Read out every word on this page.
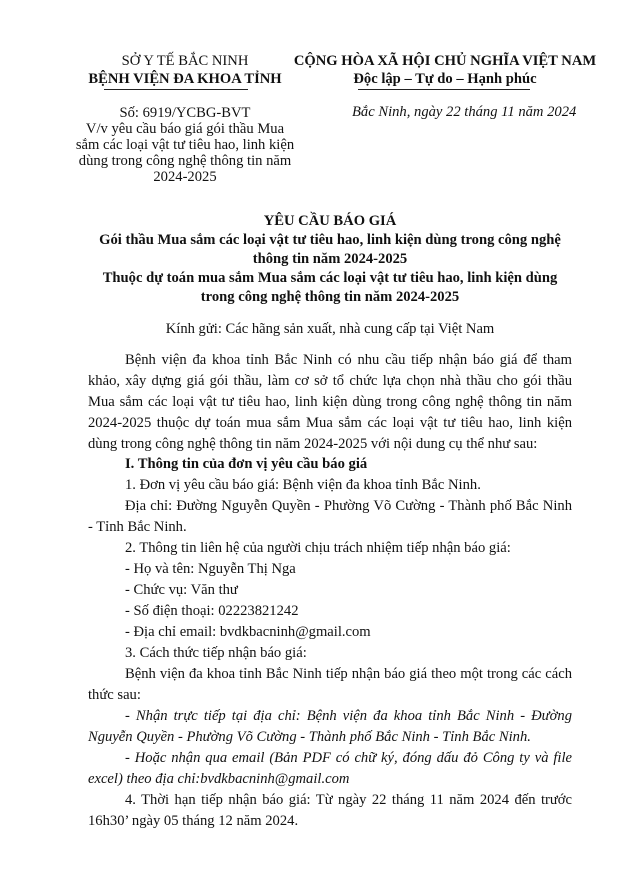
SỞ Y TẾ BẮC NINH
BỆNH VIỆN ĐA KHOA TỈNH
Số: 6919/YCBG-BVT
V/v yêu cầu báo giá gói thầu Mua
sắm các loại vật tư tiêu hao, linh kiện
dùng trong công nghệ thông tin năm
2024-2025
CỘNG HÒA XÃ HỘI CHỦ NGHĨA VIỆT NAM
Độc lập – Tự do – Hạnh phúc
Bắc Ninh, ngày 22 tháng 11 năm 2024
YÊU CẦU BÁO GIÁ
Gói thầu Mua sắm các loại vật tư tiêu hao, linh kiện dùng trong công nghệ
thông tin năm 2024-2025
Thuộc dự toán mua sắm Mua sắm các loại vật tư tiêu hao, linh kiện dùng
trong công nghệ thông tin năm 2024-2025
Kính gửi: Các hãng sản xuất, nhà cung cấp tại Việt Nam
Bệnh viện đa khoa tỉnh Bắc Ninh có nhu cầu tiếp nhận báo giá để tham
khảo, xây dựng giá gói thầu, làm cơ sở tổ chức lựa chọn nhà thầu cho gói thầu
Mua sắm các loại vật tư tiêu hao, linh kiện dùng trong công nghệ thông tin năm
2024-2025 thuộc dự toán mua sắm Mua sắm các loại vật tư tiêu hao, linh kiện
dùng trong công nghệ thông tin năm 2024-2025 với nội dung cụ thể như sau:
I. Thông tin của đơn vị yêu cầu báo giá
1. Đơn vị yêu cầu báo giá: Bệnh viện đa khoa tỉnh Bắc Ninh.
Địa chỉ: Đường Nguyễn Quyền - Phường Võ Cường - Thành phố Bắc Ninh
- Tỉnh Bắc Ninh.
2. Thông tin liên hệ của người chịu trách nhiệm tiếp nhận báo giá:
- Họ và tên: Nguyễn Thị Nga
- Chức vụ: Văn thư
- Số điện thoại: 02223821242
- Địa chỉ email: bvdkbacninh@gmail.com
3. Cách thức tiếp nhận báo giá:
Bệnh viện đa khoa tỉnh Bắc Ninh tiếp nhận báo giá theo một trong các cách
thức sau:
- Nhận trực tiếp tại địa chỉ: Bệnh viện đa khoa tỉnh Bắc Ninh - Đường
Nguyễn Quyền - Phường Võ Cường - Thành phố Bắc Ninh - Tỉnh Bắc Ninh.
- Hoặc nhận qua email (Bản PDF có chữ ký, đóng dấu đỏ Công ty và file
excel) theo địa chỉ:bvdkbacninh@gmail.com
4. Thời hạn tiếp nhận báo giá: Từ ngày 22 tháng 11 năm 2024 đến trước
16h30’ ngày 05 tháng 12 năm 2024.
